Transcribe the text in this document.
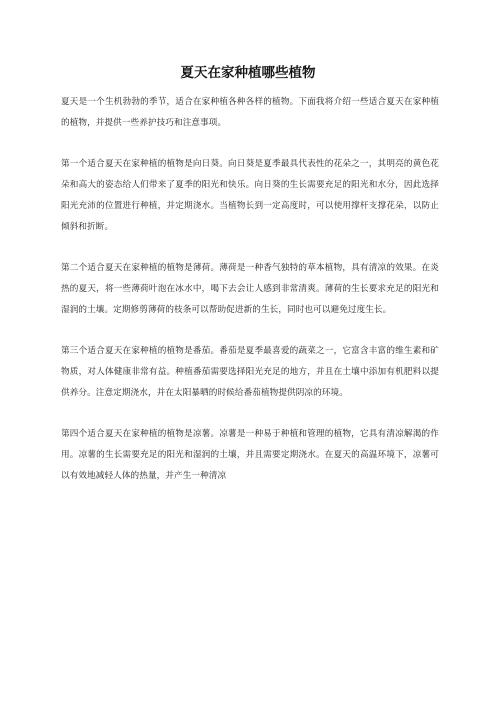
夏天在家种植哪些植物

夏天是一个生机勃勃的季节，适合在家种植各种各样的植物。下面我将介绍一些适合夏天在家种植的植物，并提供一些养护技巧和注意事项。

第一个适合夏天在家种植的植物是向日葵。向日葵是夏季最具代表性的花朵之一，其明亮的黄色花朵和高大的姿态给人们带来了夏季的阳光和快乐。向日葵的生长需要充足的阳光和水分，因此选择阳光充沛的位置进行种植，并定期浇水。当植物长到一定高度时，可以使用撑杆支撑花朵，以防止倾斜和折断。

第二个适合夏天在家种植的植物是薄荷。薄荷是一种香气独特的草本植物，具有清凉的效果。在炎热的夏天，将一些薄荷叶泡在冰水中，喝下去会让人感到非常清爽。薄荷的生长要求充足的阳光和湿润的土壤。定期修剪薄荷的枝条可以帮助促进新的生长，同时也可以避免过度生长。

第三个适合夏天在家种植的植物是番茄。番茄是夏季最喜爱的蔬菜之一，它富含丰富的维生素和矿物质，对人体健康非常有益。种植番茄需要选择阳光充足的地方，并且在土壤中添加有机肥料以提供养分。注意定期浇水，并在太阳暴晒的时候给番茄植物提供阴凉的环境。

第四个适合夏天在家种植的植物是凉薯。凉薯是一种易于种植和管理的植物，它具有清凉解渴的作用。凉薯的生长需要充足的阳光和湿润的土壤，并且需要定期浇水。在夏天的高温环境下，凉薯可以有效地减轻人体的热量，并产生一种清凉
